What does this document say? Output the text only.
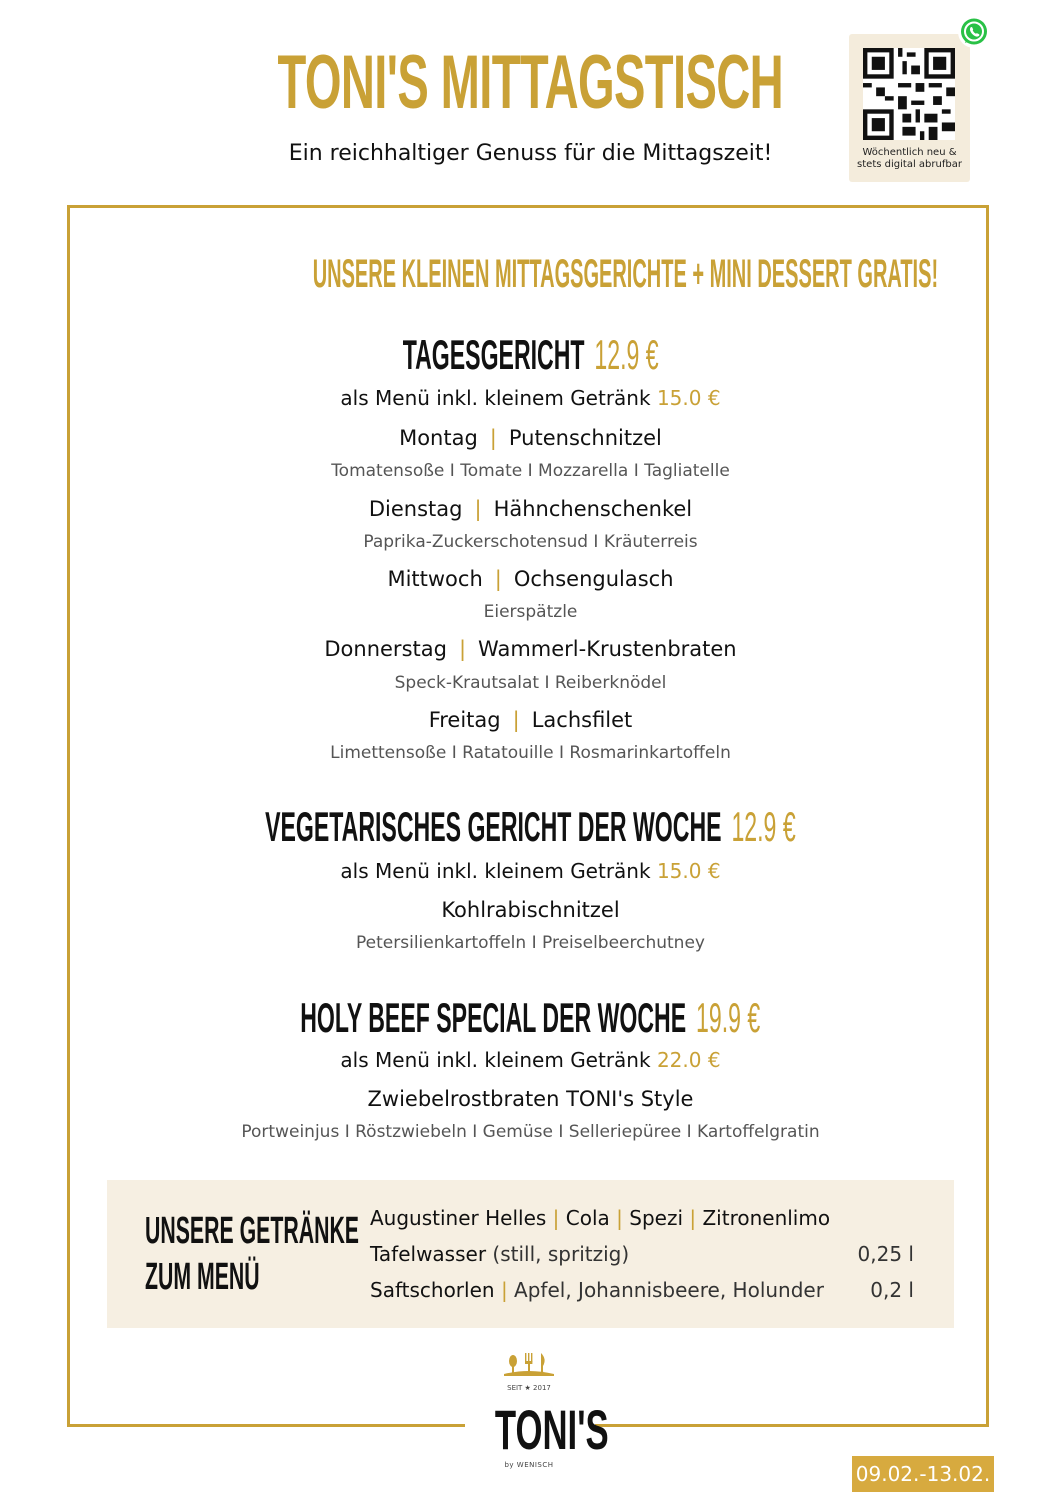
TONI'S MITTAGSTISCH
Ein reichhaltiger Genuss für die Mittagszeit!	Wöchentlich neu & stets digital abrufbar
UNSERE KLEINEN MITTAGSGERICHTE + MINI DESSERT GRATIS!
TAGESGERICHT 12.9 €
als Menü inkl. kleinem Getränk 15.0 €
Montag | Putenschnitzel
Tomatensoße I Tomate I Mozzarella I Tagliatelle
Dienstag | Hähnchenschenkel
Paprika-Zuckerschotensud I Kräuterreis
Mittwoch | Ochsengulasch
Eierspätzle
Donnerstag | Wammerl-Krustenbraten
Speck-Krautsalat I Reiberknödel
Freitag | Lachsfilet
Limettensoße I Ratatouille I Rosmarinkartoffeln
VEGETARISCHES GERICHT DER WOCHE 12.9 €
als Menü inkl. kleinem Getränk 15.0 €
Kohlrabischnitzel
Petersilienkartoffeln I Preiselbeerchutney
HOLY BEEF SPECIAL DER WOCHE 19.9 €
als Menü inkl. kleinem Getränk 22.0 €
Zwiebelrostbraten TONI's Style
Portweinjus I Röstzwiebeln I Gemüse I Selleriepüree I Kartoffelgratin
UNSERE GETRÄNKE
ZUM MENÜ
Augustiner Helles | Cola | Spezi | Zitronenlimo
Tafelwasser (still, spritzig)	0,25 l
Saftschorlen | Apfel, Johannisbeere, Holunder 0,2 l
SEIT ★ 2017
TONI'S
by WENISCH	09.02.-13.02.
